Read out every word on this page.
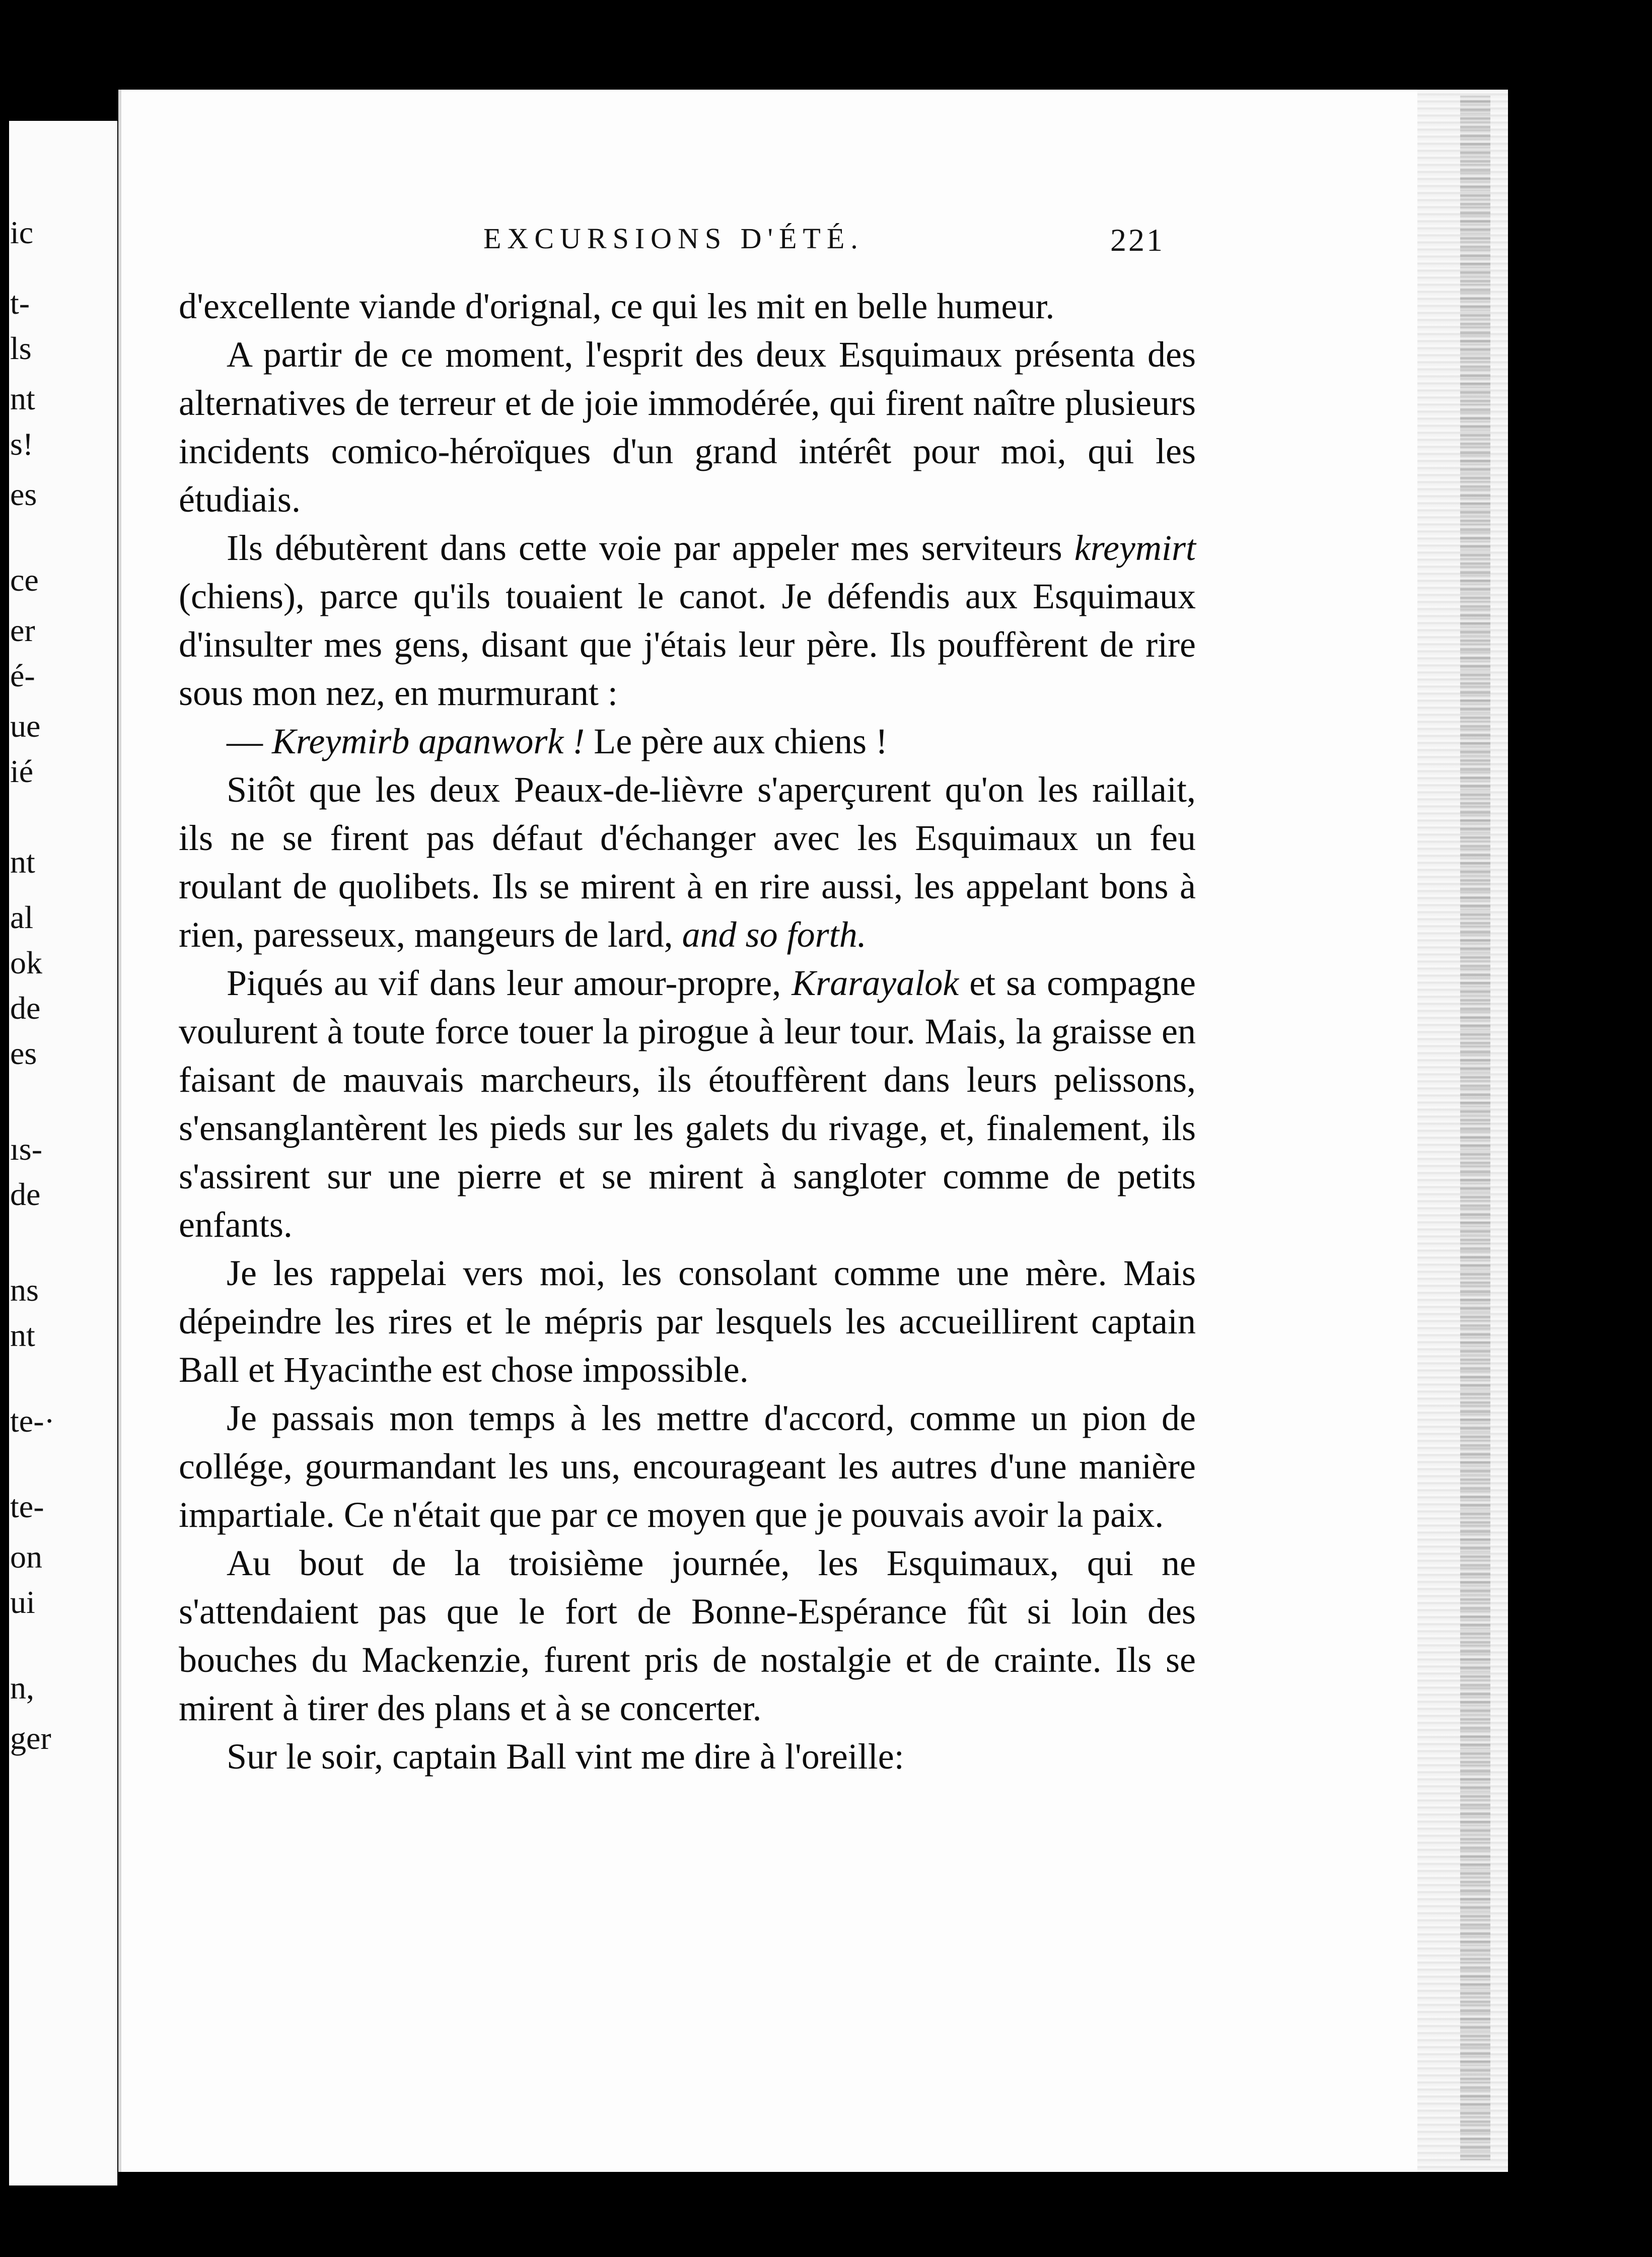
ic
t-
ls
nt
s!
es
ce
er
é-
ue
ié
nt
al
ok
de
es
ıs-
de
ns
nt
te-·
te-
on
ui
n,
ger
EXCURSIONS D'ÉTÉ.	221

d'excellente viande d'orignal, ce qui les mit en belle humeur.

A partir de ce moment, l'esprit des deux Esquimaux présenta des alternatives de terreur et de joie immodérée, qui firent naître plusieurs incidents comico-héroïques d'un grand intérêt pour moi, qui les étudiais.

Ils débutèrent dans cette voie par appeler mes serviteurs kreymirt (chiens), parce qu'ils touaient le canot. Je défendis aux Esquimaux d'insulter mes gens, disant que j'étais leur père. Ils pouffèrent de rire sous mon nez, en murmurant :

— Kreymirb apanwork ! Le père aux chiens !

Sitôt que les deux Peaux-de-lièvre s'aperçurent qu'on les raillait, ils ne se firent pas défaut d'échanger avec les Esquimaux un feu roulant de quolibets. Ils se mirent à en rire aussi, les appelant bons à rien, paresseux, mangeurs de lard, and so forth.

Piqués au vif dans leur amour-propre, Krarayalok et sa compagne voulurent à toute force touer la pirogue à leur tour. Mais, la graisse en faisant de mauvais marcheurs, ils étouffèrent dans leurs pelissons, s'ensanglantèrent les pieds sur les galets du rivage, et, finalement, ils s'assirent sur une pierre et se mirent à sangloter comme de petits enfants.

Je les rappelai vers moi, les consolant comme une mère. Mais dépeindre les rires et le mépris par lesquels les accueillirent captain Ball et Hyacinthe est chose impossible.

Je passais mon temps à les mettre d'accord, comme un pion de collége, gourmandant les uns, encourageant les autres d'une manière impartiale. Ce n'était que par ce moyen que je pouvais avoir la paix.

Au bout de la troisième journée, les Esquimaux, qui ne s'attendaient pas que le fort de Bonne-Espérance fût si loin des bouches du Mackenzie, furent pris de nostalgie et de crainte. Ils se mirent à tirer des plans et à se concerter.

Sur le soir, captain Ball vint me dire à l'oreille:
